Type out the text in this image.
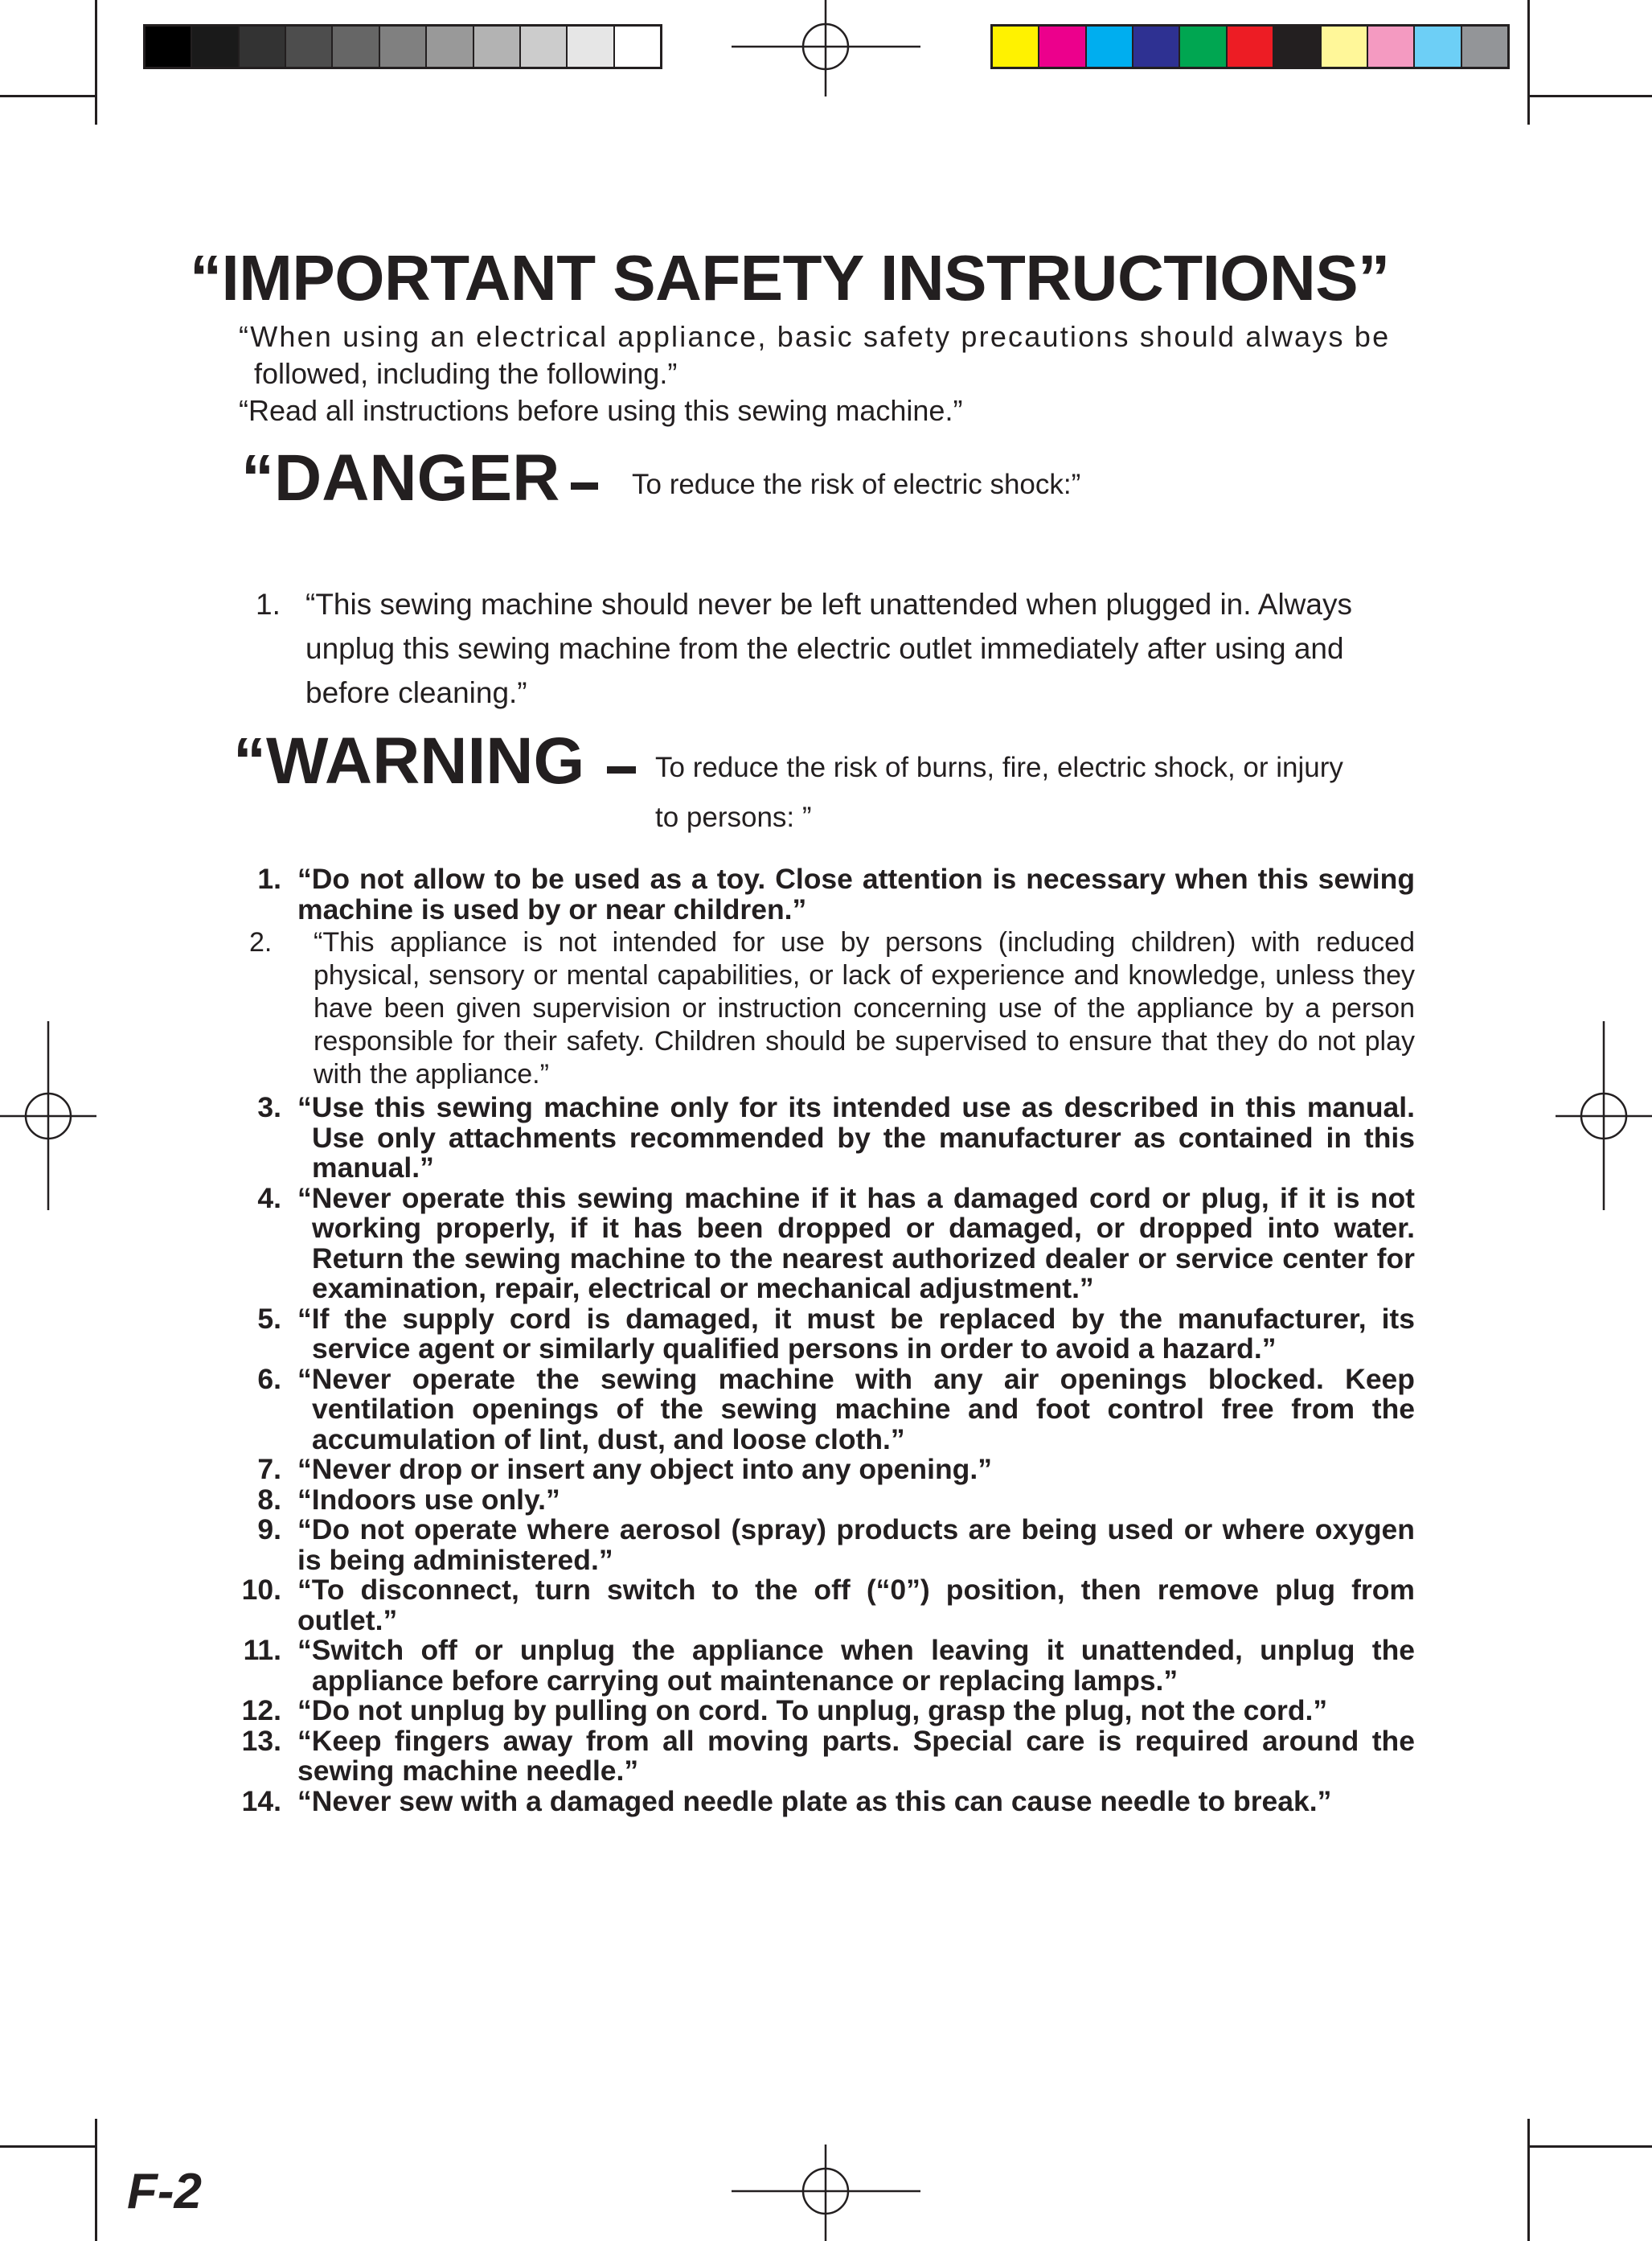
“IMPORTANT SAFETY INSTRUCTIONS”
“When using an electrical appliance, basic safety precautions should always be
followed, including the following.”
“Read all instructions before using this sewing machine.”
“DANGER	To reduce the risk of electric shock:”
1. “This sewing machine should never be left unattended when plugged in. Always unplug this sewing machine from the electric outlet immediately after using and before cleaning.”
“WARNING	To reduce the risk of burns, fire, electric shock, or injury
to persons: ”
1. “Do not allow to be used as a toy. Close attention is necessary when this sewing machine is used by or near children.”
2.	“This appliance is not intended for use by persons (including children) with reduced physical, sensory or mental capabilities, or lack of experience and knowledge, unless they have been given supervision or instruction concerning use of the appliance by a person responsible for their safety. Children should be supervised to ensure that they do not play with the appliance.”
3. “Use this sewing machine only for its intended use as described in this manual. Use only attachments recommended by the manufacturer as contained in this manual.”
4. “Never operate this sewing machine if it has a damaged cord or plug, if it is not working properly, if it has been dropped or damaged, or dropped into water. Return the sewing machine to the nearest authorized dealer or service center for examination, repair, electrical or mechanical adjustment.”
5. “If the supply cord is damaged, it must be replaced by the manufacturer, its service agent or similarly qualified persons in order to avoid a hazard.”
6. “Never operate the sewing machine with any air openings blocked. Keep ventilation openings of the sewing machine and foot control free from the accumulation of lint, dust, and loose cloth.”
7. “Never drop or insert any object into any opening.”
8. “Indoors use only.”
9. “Do not operate where aerosol (spray) products are being used or where oxygen is being administered.”
10. “To disconnect, turn switch to the off (“0”) position, then remove plug from outlet.”
11. “Switch off or unplug the appliance when leaving it unattended, unplug the appliance before carrying out maintenance or replacing lamps.”
12. “Do not unplug by pulling on cord. To unplug, grasp the plug, not the cord.”
13. “Keep fingers away from all moving parts. Special care is required around the sewing machine needle.”
14. “Never sew with a damaged needle plate as this can cause needle to break.”
F-2
